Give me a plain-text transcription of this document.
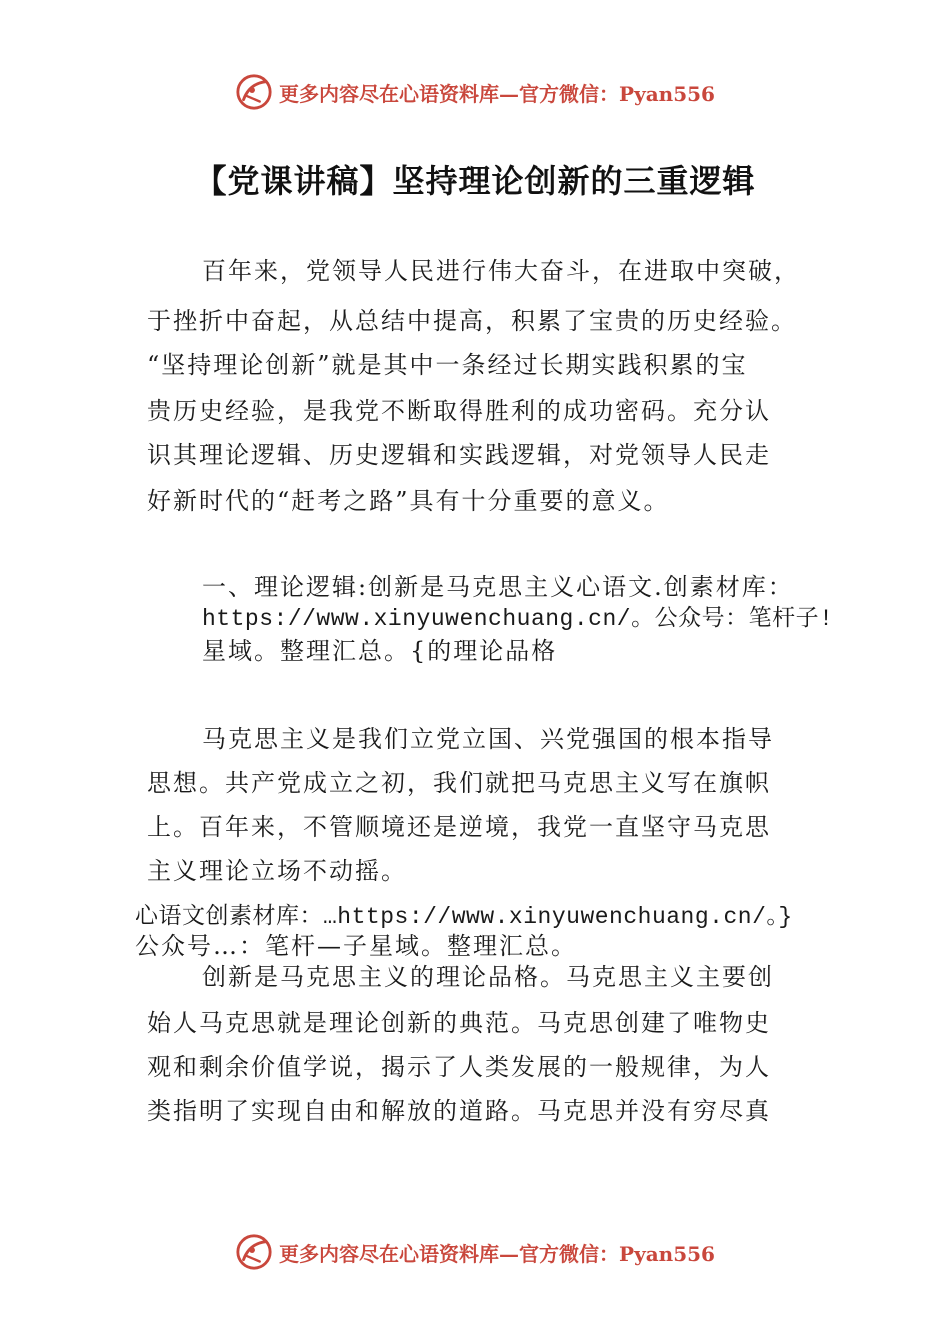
更多内容尽在心语资料库—官方微信：Pyan556
【党课讲稿】坚持理论创新的三重逻辑
百年来，党领导人民进行伟大奋斗，在进取中突破，
于挫折中奋起，从总结中提高，积累了宝贵的历史经验。
“坚持理论创新”就是其中一条经过长期实践积累的宝
贵历史经验，是我党不断取得胜利的成功密码。充分认
识其理论逻辑、历史逻辑和实践逻辑，对党领导人民走
好新时代的“赶考之路”具有十分重要的意义。
一、理论逻辑:创新是马克思主义心语文.创素材库：
https://www.xinyuwenchuang.cn/。公众号：笔杆子!
星域。整理汇总。{的理论品格
马克思主义是我们立党立国、兴党强国的根本指导
思想。共产党成立之初，我们就把马克思主义写在旗帜
上。百年来，不管顺境还是逆境，我党一直坚守马克思
主义理论立场不动摇。
心语文创素材库：…https://www.xinyuwenchuang.cn/。}
公众号…：笔杆—子星域。整理汇总。
创新是马克思主义的理论品格。马克思主义主要创
始人马克思就是理论创新的典范。马克思创建了唯物史
观和剩余价值学说，揭示了人类发展的一般规律，为人
类指明了实现自由和解放的道路。马克思并没有穷尽真
更多内容尽在心语资料库—官方微信：Pyan556
